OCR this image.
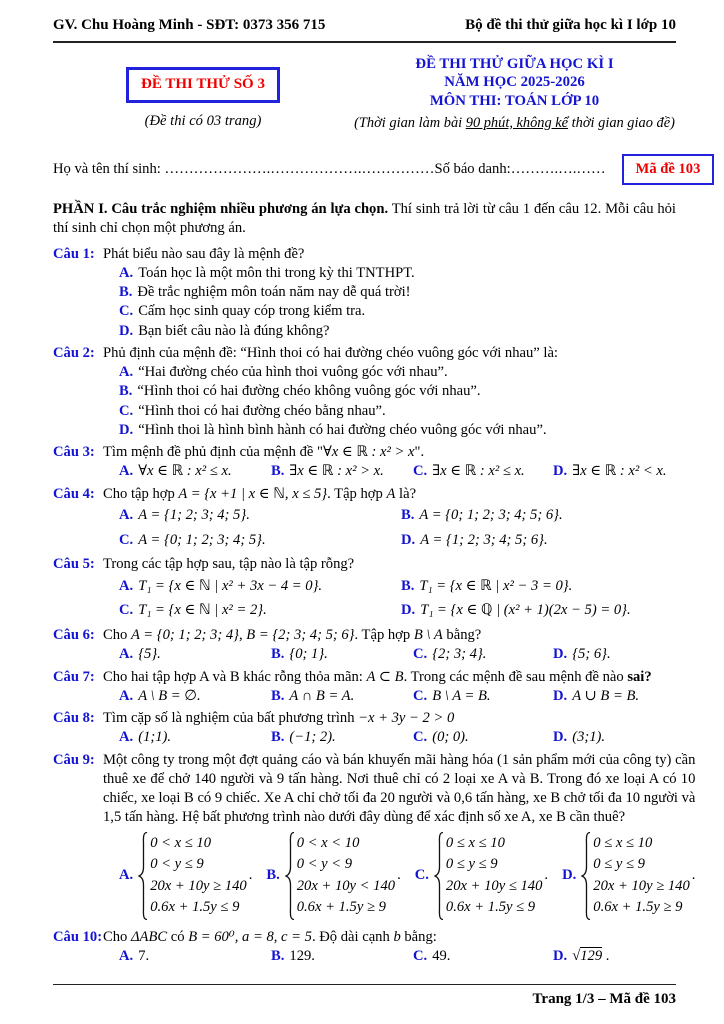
GV. Chu Hoàng Minh - SĐT: 0373 356 715	Bộ đề thi thử giữa học kì I lớp 10
ĐỀ THI THỬ SỐ 3
(Đề thi có 03 trang)
ĐỀ THI THỬ GIỮA HỌC KÌ I
NĂM HỌC 2025-2026
MÔN THI: TOÁN LỚP 10
(Thời gian làm bài 90 phút, không kể thời gian giao đề)
Họ và tên thí sinh: ………………….……………….……………Số báo danh:……….….……	Mã đề 103
PHẦN I. Câu trắc nghiệm nhiều phương án lựa chọn. Thí sinh trả lời từ câu 1 đến câu 12. Mỗi câu hỏi thí sinh chỉ chọn một phương án.
Câu 1: Phát biểu nào sau đây là mệnh đề?
A. Toán học là một môn thi trong kỳ thi TNTHPT.
B. Đề trắc nghiệm môn toán năm nay dễ quá trời!
C. Cấm học sinh quay cóp trong kiểm tra.
D. Bạn biết câu nào là đúng không?
Câu 2: Phủ định của mệnh đề: “Hình thoi có hai đường chéo vuông góc với nhau” là:
A. “Hai đường chéo của hình thoi vuông góc với nhau”.
B. “Hình thoi có hai đường chéo không vuông góc với nhau”.
C. “Hình thoi có hai đường chéo bằng nhau”.
D. “Hình thoi là hình bình hành có hai đường chéo vuông góc với nhau”.
Câu 3: Tìm mệnh đề phủ định của mệnh đề "∀x ∈ ℝ : x² > x".
A. ∀x ∈ ℝ : x² ≤ x.	B. ∃x ∈ ℝ : x² > x.	C. ∃x ∈ ℝ : x² ≤ x.	D. ∃x ∈ ℝ : x² < x.
Câu 4: Cho tập hợp A = {x +1 | x ∈ ℕ, x ≤ 5}. Tập hợp A là?
A. A = {1; 2; 3; 4; 5}.	B. A = {0; 1; 2; 3; 4; 5; 6}.
C. A = {0; 1; 2; 3; 4; 5}.	D. A = {1; 2; 3; 4; 5; 6}.
Câu 5: Trong các tập hợp sau, tập nào là tập rỗng?
A. T₁ = {x ∈ ℕ | x² + 3x − 4 = 0}.	B. T₁ = {x ∈ ℝ | x² − 3 = 0}.
C. T₁ = {x ∈ ℕ | x² = 2}.	D. T₁ = {x ∈ ℚ | (x² + 1)(2x − 5) = 0}.
Câu 6: Cho A = {0; 1; 2; 3; 4}, B = {2; 3; 4; 5; 6}. Tập hợp B \ A bằng?
A. {5}.	B. {0; 1}.	C. {2; 3; 4}.	D. {5; 6}.
Câu 7: Cho hai tập hợp A và B khác rỗng thỏa mãn: A ⊂ B. Trong các mệnh đề sau mệnh đề nào sai?
A. A \ B = ∅.	B. A ∩ B = A.	C. B \ A = B.	D. A ∪ B = B.
Câu 8: Tìm cặp số là nghiệm của bất phương trình −x + 3y − 2 > 0
A. (1;1).	B. (−1; 2).	C. (0; 0).	D. (3;1).
Câu 9: Một công ty trong một đợt quảng cáo và bán khuyến mãi hàng hóa (1 sản phẩm mới của công ty) cần thuê xe để chở 140 người và 9 tấn hàng. Nơi thuê chỉ có 2 loại xe A và B. Trong đó xe loại A có 10 chiếc, xe loại B có 9 chiếc. Xe A chỉ chở tối đa 20 người và 0,6 tấn hàng, xe B chở tối đa 10 người và 1,5 tấn hàng. Hệ bất phương trình nào dưới đây dùng để xác định số xe A, xe B cần thuê?
A.
0 < x ≤ 10
0 < y ≤ 9
20x + 10y ≥ 140
0.6x + 1.5y ≤ 9
. B.
0 < x < 10
0 < y < 9
20x + 10y < 140
0.6x + 1.5y ≥ 9
. C.
0 ≤ x ≤ 10
0 ≤ y ≤ 9
20x + 10y ≤ 140
0.6x + 1.5y ≤ 9
. D.
0 ≤ x ≤ 10
0 ≤ y ≤ 9
20x + 10y ≥ 140
0.6x + 1.5y ≥ 9
.
Câu 10: Cho ΔABC có B = 60⁰, a = 8, c = 5. Độ dài cạnh b bằng:
A. 7.	B. 129.	C. 49.	D. √129 .
Trang 1/3 – Mã đề 103
